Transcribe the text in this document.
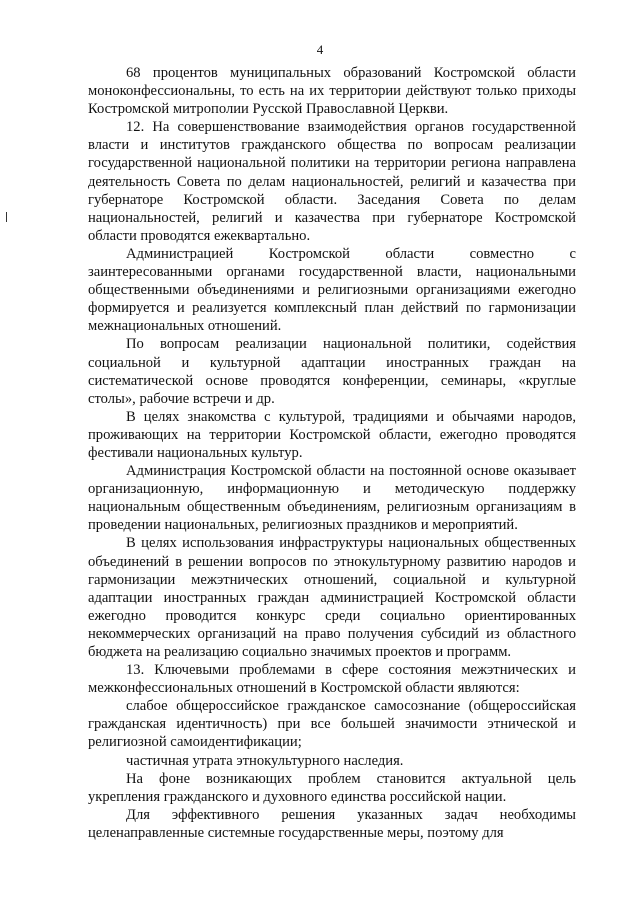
4

68 процентов муниципальных образований Костромской области моноконфессиональны, то есть на их территории действуют только приходы Костромской митрополии Русской Православной Церкви.

12. На совершенствование взаимодействия органов государственной власти и институтов гражданского общества по вопросам реализации государственной национальной политики на территории региона направлена деятельность Совета по делам национальностей, религий и казачества при губернаторе Костромской области. Заседания Совета по делам национальностей, религий и казачества при губернаторе Костромской области проводятся ежеквартально.

Администрацией Костромской области совместно с заинтересованными органами государственной власти, национальными общественными объединениями и религиозными организациями ежегодно формируется и реализуется комплексный план действий по гармонизации межнациональных отношений.

По вопросам реализации национальной политики, содействия социальной и культурной адаптации иностранных граждан на систематической основе проводятся конференции, семинары, «круглые столы», рабочие встречи и др.

В целях знакомства с культурой, традициями и обычаями народов, проживающих на территории Костромской области, ежегодно проводятся фестивали национальных культур.

Администрация Костромской области на постоянной основе оказывает организационную, информационную и методическую поддержку национальным общественным объединениям, религиозным организациям в проведении национальных, религиозных праздников и мероприятий.

В целях использования инфраструктуры национальных общественных объединений в решении вопросов по этнокультурному развитию народов и гармонизации межэтнических отношений, социальной и культурной адаптации иностранных граждан администрацией Костромской области ежегодно проводится конкурс среди социально ориентированных некоммерческих организаций на право получения субсидий из областного бюджета на реализацию социально значимых проектов и программ.

13. Ключевыми проблемами в сфере состояния межэтнических и межконфессиональных отношений в Костромской области являются:

слабое общероссийское гражданское самосознание (общероссийская гражданская идентичность) при все большей значимости этнической и религиозной самоидентификации;

частичная утрата этнокультурного наследия.

На фоне возникающих проблем становится актуальной цель укрепления гражданского и духовного единства российской нации.

Для эффективного решения указанных задач необходимы целенаправленные системные государственные меры, поэтому для
